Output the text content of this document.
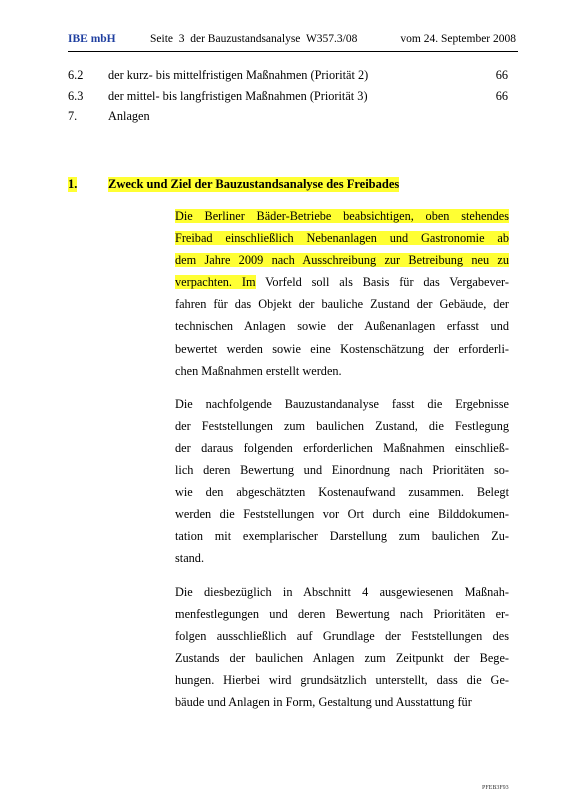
IBE mbH	Seite  3  der Bauzustandsanalyse  W357.3/08	vom 24. September 2008
6.2 der kurz- bis mittelfristigen Maßnahmen (Priorität 2)	66
6.3 der mittel- bis langfristigen Maßnahmen (Priorität 3)	66
7.	Anlagen
1. Zweck und Ziel der Bauzustandsanalyse des Freibades
Die Berliner Bäder-Betriebe beabsichtigen, oben stehendes
Freibad einschließlich Nebenanlagen und Gastronomie ab
dem Jahre 2009 nach Ausschreibung zur Betreibung neu zu
verpachten. Im Vorfeld soll als Basis für das Vergabever-
fahren für das Objekt der bauliche Zustand der Gebäude, der
technischen Anlagen sowie der Außenanlagen erfasst und
bewertet werden sowie eine Kostenschätzung der erforderli-
chen Maßnahmen erstellt werden.
Die nachfolgende Bauzustandanalyse fasst die Ergebnisse
der Feststellungen zum baulichen Zustand, die Festlegung
der daraus folgenden erforderlichen Maßnahmen einschließ-
lich deren Bewertung und Einordnung nach Prioritäten so-
wie den abgeschätzten Kostenaufwand zusammen. Belegt
werden die Feststellungen vor Ort durch eine Bilddokumen-
tation mit exemplarischer Darstellung zum baulichen Zu-
stand.
Die diesbezüglich in Abschnitt 4 ausgewiesenen Maßnah-
menfestlegungen und deren Bewertung nach Prioritäten er-
folgen ausschließlich auf Grundlage der Feststellungen des
Zustands der baulichen Anlagen zum Zeitpunkt der Bege-
hungen. Hierbei wird grundsätzlich unterstellt, dass die Ge-
bäude und Anlagen in Form, Gestaltung und Ausstattung für
PFEB3F93
